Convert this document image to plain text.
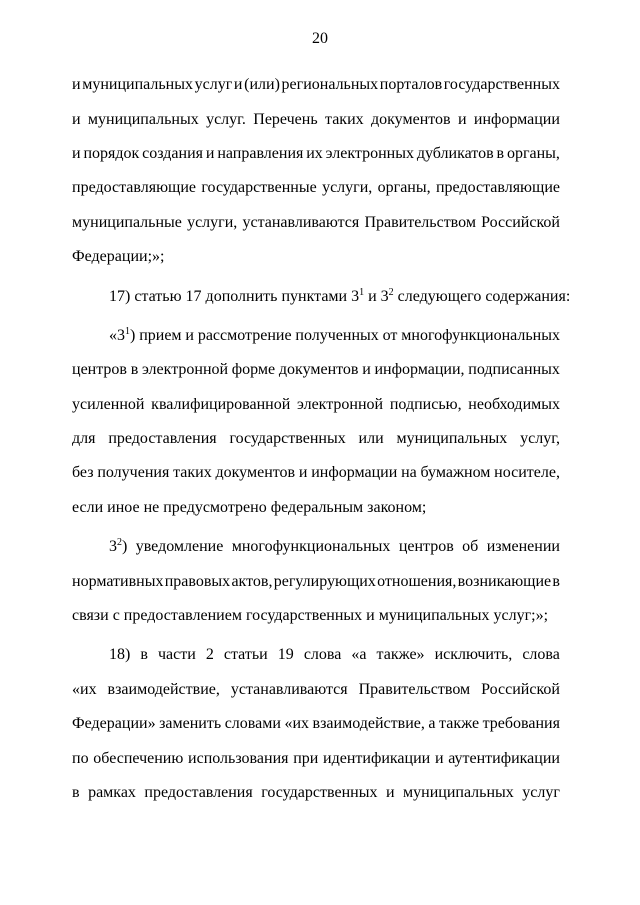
20
и муниципальных услуг и (или) региональных порталов государственных
и муниципальных услуг. Перечень таких документов и информации
и порядок создания и направления их электронных дубликатов в органы,
предоставляющие государственные услуги, органы, предоставляющие
муниципальные услуги, устанавливаются Правительством Российской
Федерации;»;
17) статью 17 дополнить пунктами $3^1$ и $3^2$ следующего содержания:
«$3^1$) прием и рассмотрение полученных от многофункциональных
центров в электронной форме документов и информации, подписанных
усиленной квалифицированной электронной подписью, необходимых
для предоставления государственных или муниципальных услуг,
без получения таких документов и информации на бумажном носителе,
если иное не предусмотрено федеральным законом;
$3^2$) уведомление многофункциональных центров об изменении
нормативных правовых актов, регулирующих отношения, возникающие в
связи с предоставлением государственных и муниципальных услуг;»;
18) в части 2 статьи 19 слова «а также» исключить, слова
«их взаимодействие, устанавливаются Правительством Российской
Федерации» заменить словами «их взаимодействие, а также требования
по обеспечению использования при идентификации и аутентификации
в рамках предоставления государственных и муниципальных услуг
